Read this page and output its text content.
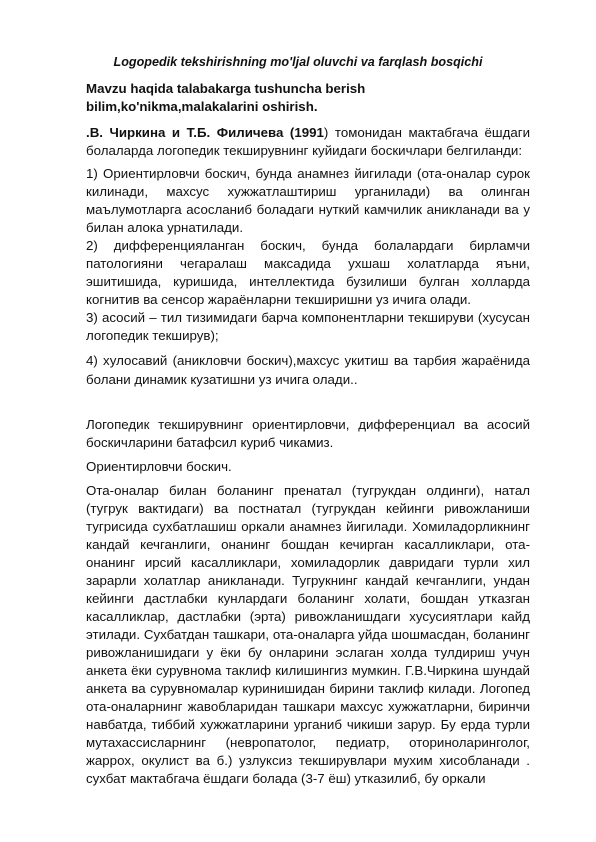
Logopedik tekshirishning mo'ljal oluvchi va farqlash bosqichi

Mavzu haqida talabakarga tushuncha berish bilim,ko'nikma,malakalarini oshirish.

.В. Чиркина и Т.Б. Филичева (1991) томонидан мактабгача ёшдаги болаларда логопедик текширувнинг куйидаги боскичлари белгиланди:

1) Ориентирловчи боскич, бунда анамнез йигилади (ота-оналар сурок килинади, махсус хужжатлаштириш урганилади) ва олинган маълумотларга асосланиб боладаги нуткий камчилик аникланади ва у билан алока урнатилади.

2) дифференцияланган боскич, бунда болалардаги бирламчи патологияни чегаралаш максадида ухшаш холатларда яъни, эшитишида, куришида, интеллектида бузилиши булган холларда когнитив ва сенсор жараёнларни текширишни уз ичига олади.

3) асосий – тил тизимидаги барча компонентларни текшируви (хусусан логопедик текширув);

4) хулосавий (аникловчи боскич),махсус укитиш ва тарбия жараёнида болани динамик кузатишни уз ичига олади..

Логопедик текширувнинг ориентирловчи, дифференциал ва асосий боскичларини батафсил куриб чикамиз.

Ориентирловчи боскич.

Ота-оналар билан боланинг пренатал (тугрукдан олдинги), натал (тугрук вактидаги) ва постнатал (тугрукдан кейинги ривожланиши тугрисида сухбатлашиш оркали анамнез йигилади. Хомиладорликнинг кандай кечганлиги, онанинг бошдан кечирган касалликлари, ота-онанинг ирсий касалликлари, хомиладорлик давридаги турли хил зарарли холатлар аникланади. Тугрукнинг кандай кечганлиги, ундан кейинги дастлабки кунлардаги боланинг холати, бошдан утказган касалликлар, дастлабки (эрта) ривожланишдаги хусусиятлари кайд этилади. Сухбатдан ташкари, ота-оналарга уйда шошмасдан, боланинг ривожланишидаги у ёки бу онларини эслаган холда тулдириш учун анкета ёки сурувнома таклиф килишингиз мумкин. Г.В.Чиркина шундай анкета ва сурувномалар куринишидан бирини таклиф килади. Логопед ота-оналарнинг жавобларидан ташкари махсус хужжатларни, биринчи навбатда, тиббий хужжатларини урганиб чикиши зарур. Бу ерда турли мутахассисларнинг (невропатолог, педиатр, оториноларинголог, жаррох, окулист ва б.) узлуксиз текширувлари мухим хисобланади . сухбат мактабгача ёшдаги болада (3-7 ёш) утказилиб, бу оркали
